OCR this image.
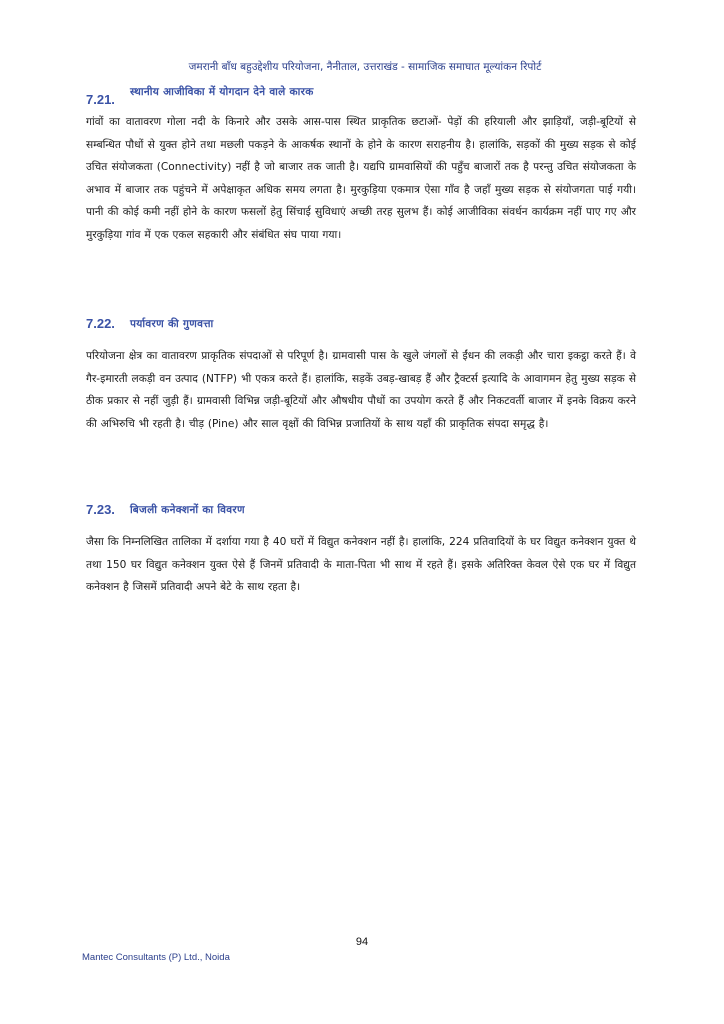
जमरानी बाँध बहुउद्देशीय परियोजना, नैनीताल, उत्तराखंड - सामाजिक समाघात मूल्यांकन रिपोर्ट
7.21.	स्थानीय आजीविका में योगदान देने वाले कारक

गांवों का वातावरण गोला नदी के किनारे और उसके आस-पास स्थित प्राकृतिक छटाओं- पेड़ों की हरियाली और झाड़ियाँ, जड़ी-बूटियों से सम्बन्धित पौधों से युक्त होने तथा मछली पकड़ने के आकर्षक स्थानों के होने के कारण सराहनीय है। हालांकि, सड़कों की मुख्य सड़क से कोई उचित संयोजकता (Connectivity) नहीं है जो बाजार तक जाती है। यद्यपि ग्रामवासियों की पहुँच बाजारों तक है परन्तु उचित संयोजकता के अभाव में बाजार तक पहुंचने में अपेक्षाकृत अधिक समय लगता है। मुरकुड़िया एकमात्र ऐसा गाँव है जहाँ मुख्य सड़क से संयोजगता पाई गयी। पानी की कोई कमी नहीं होने के कारण फसलों हेतु सिंचाई सुविधाएं अच्छी तरह सुलभ हैं। कोई आजीविका संवर्धन कार्यक्रम नहीं पाए गए और मुरकुड़िया गांव में एक एकल सहकारी और संबंधित संघ पाया गया।

7.22.	पर्यावरण की गुणवत्ता

परियोजना क्षेत्र का वातावरण प्राकृतिक संपदाओं से परिपूर्ण है। ग्रामवासी पास के खुले जंगलों से ईंधन की लकड़ी और चारा इकट्ठा करते हैं। वे गैर-इमारती लकड़ी वन उत्पाद (NTFP) भी एकत्र करते हैं। हालांकि, सड़कें उबड़-खाबड़ हैं और ट्रैक्टर्स इत्यादि के आवागमन हेतु मुख्य सड़क से ठीक प्रकार से नहीं जुड़ी हैं। ग्रामवासी विभिन्न जड़ी-बूटियों और औषधीय पौधों का उपयोग करते हैं और निकटवर्ती बाजार में इनके विक्रय करने की अभिरुचि भी रहती है। चीड़ (Pine) और साल वृक्षों की विभिन्न प्रजातियों के साथ यहाँ की प्राकृतिक संपदा समृद्ध है।

7.23.	बिजली कनेक्शनों का विवरण

जैसा कि निम्नलिखित तालिका में दर्शाया गया है 40 घरों में विद्युत कनेक्शन नहीं है। हालांकि, 224 प्रतिवादियों के घर विद्युत कनेक्शन युक्त थे तथा 150 घर विद्युत कनेक्शन युक्त ऐसे हैं जिनमें प्रतिवादी के माता-पिता भी साथ में रहते हैं। इसके अतिरिक्त केवल ऐसे एक घर में विद्युत कनेक्शन है जिसमें प्रतिवादी अपने बेटे के साथ रहता है।

94
Mantec Consultants (P) Ltd., Noida
